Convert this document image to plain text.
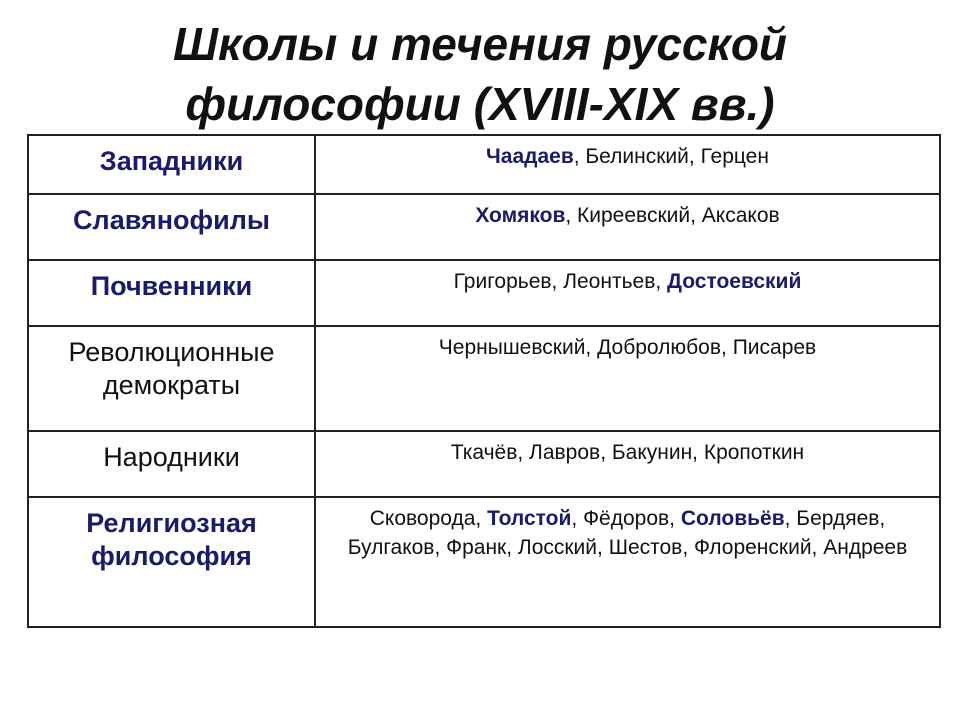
Школы и течения русской
философии (XVIII-XIX вв.)
Западники	Чаадаев, Белинский, Герцен

Славянофилы	Хомяков, Киреевский, Аксаков

Почвенники	Григорьев, Леонтьев, Достоевский

Революционные демократы	Чернышевский, Добролюбов, Писарев

Народники	Ткачёв, Лавров, Бакунин, Кропоткин

Религиозная философия	Сковорода, Толстой, Фёдоров, Соловьёв, Бердяев, Булгаков, Франк, Лосский, Шестов, Флоренский, Андреев
